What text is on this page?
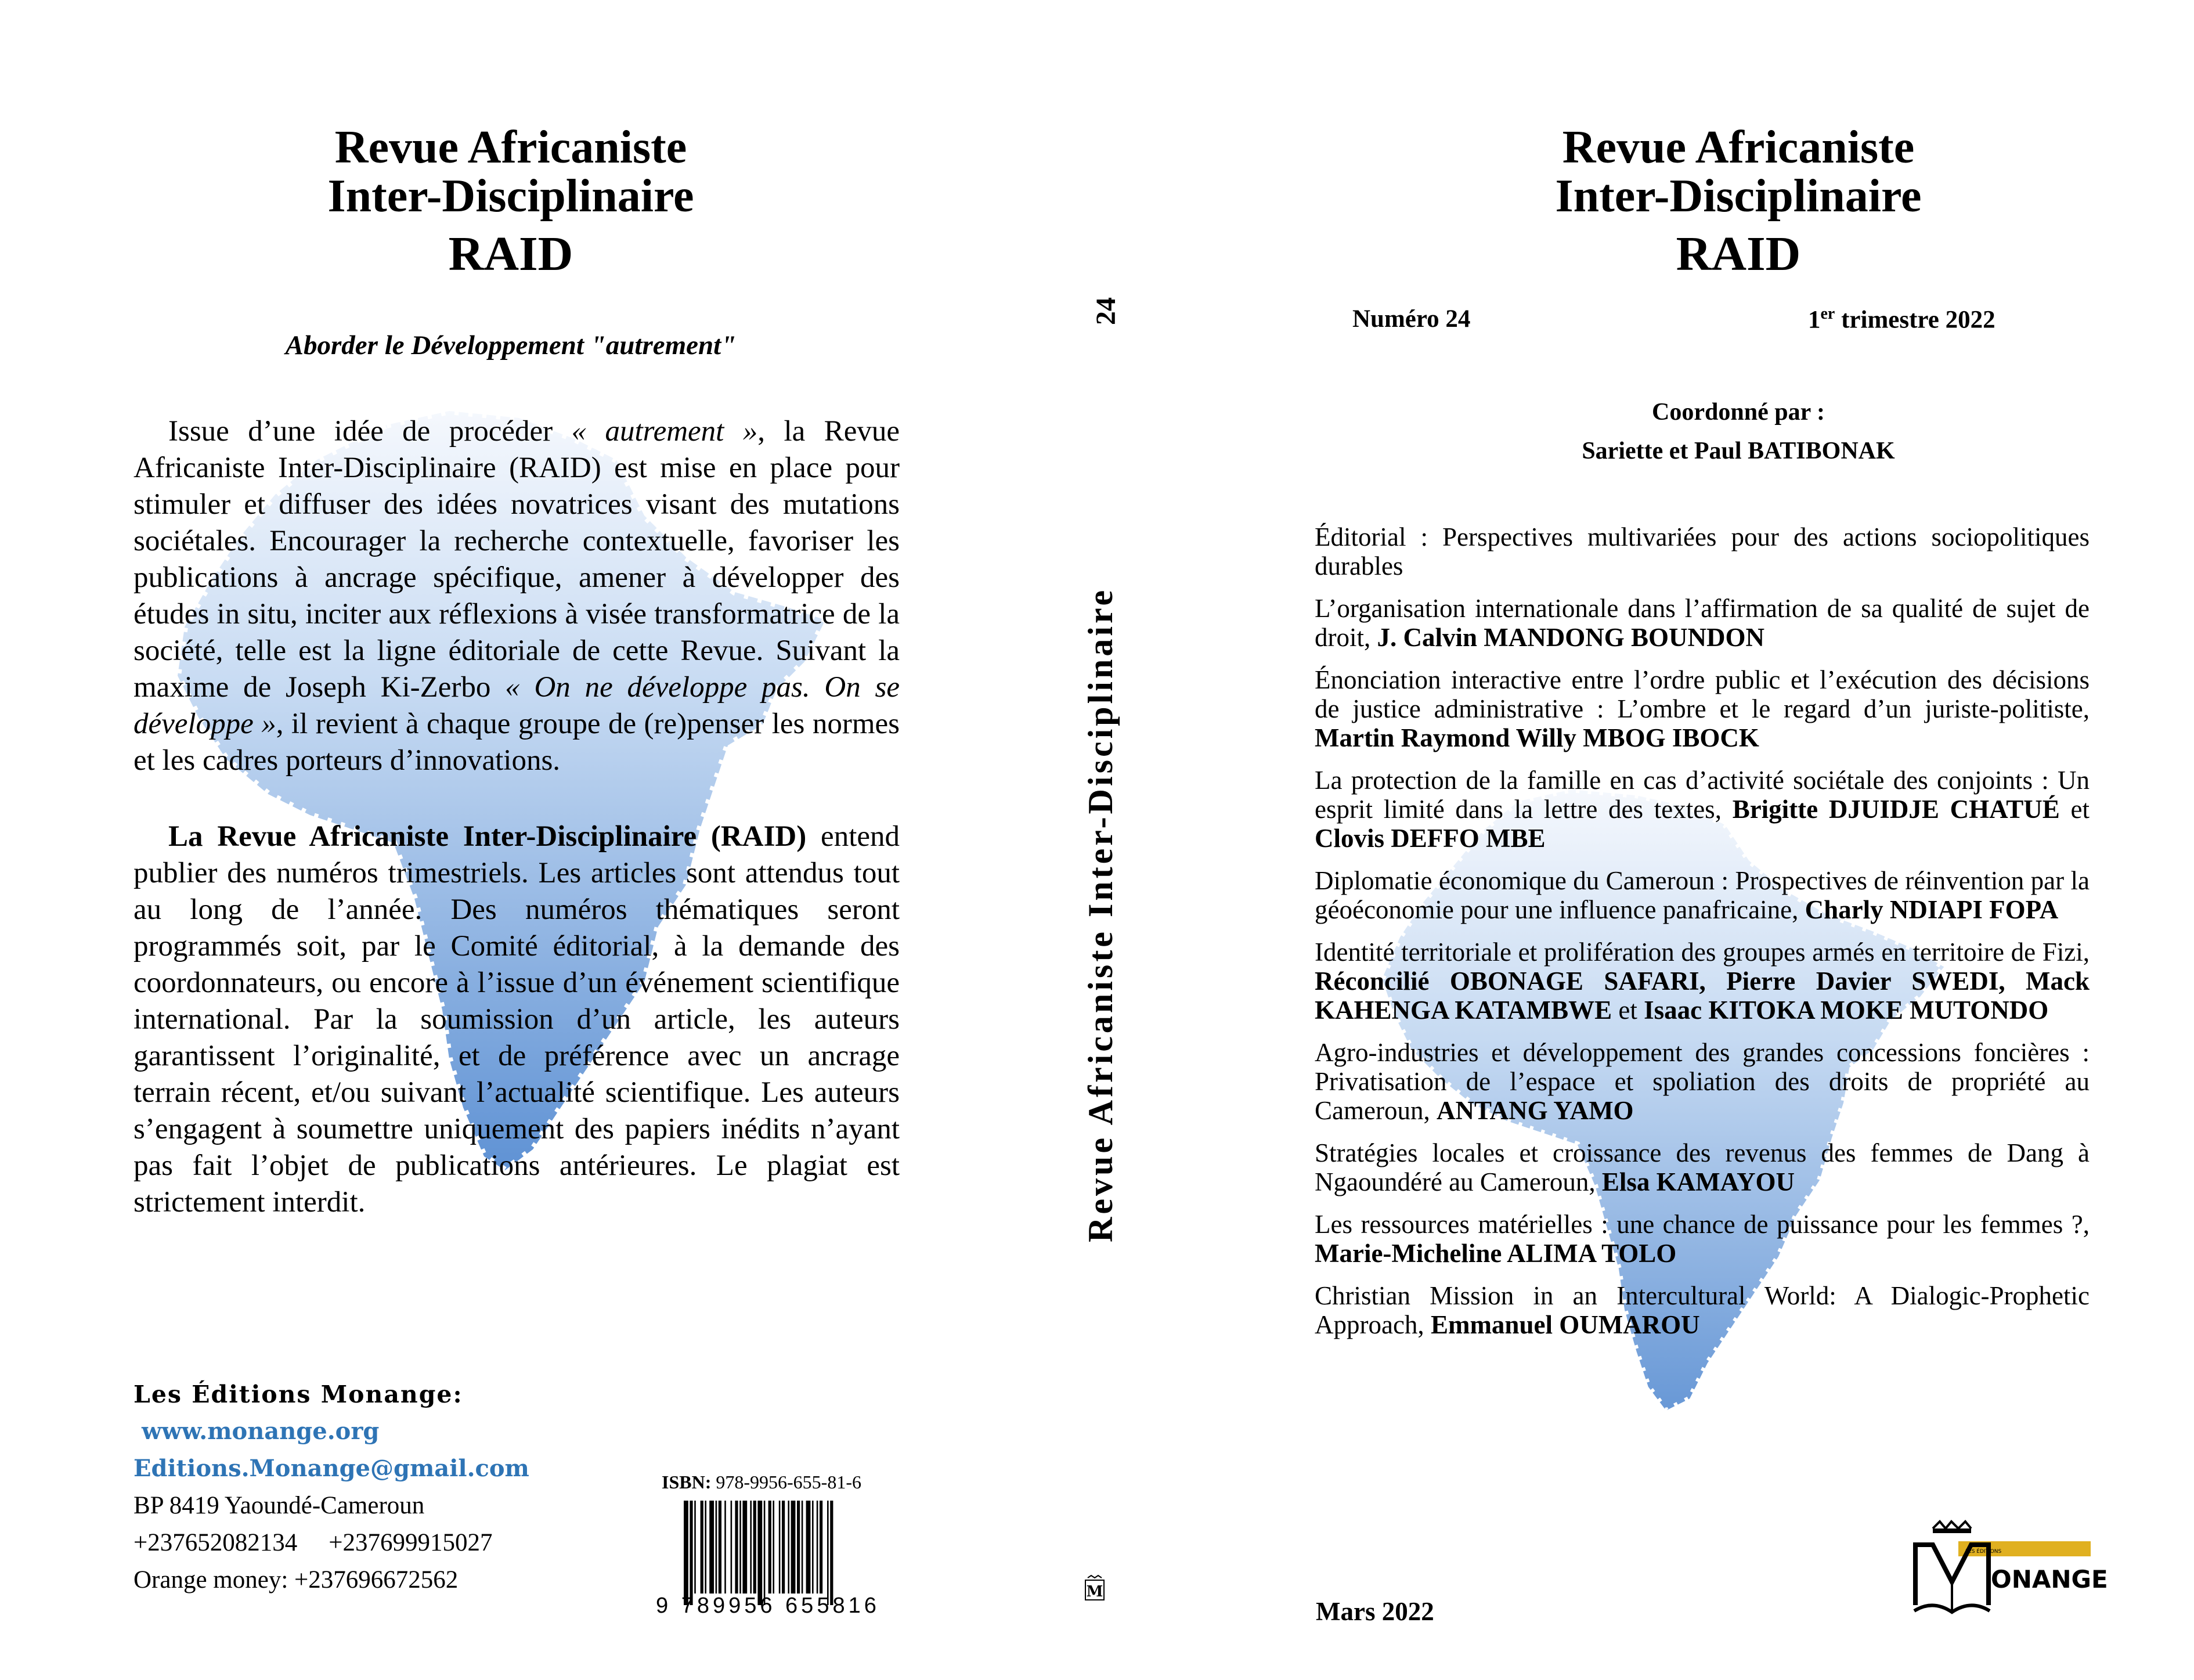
Revue Africaniste
Inter-Disciplinaire
RAID
Aborder le Développement "autrement"

Issue d’une idée de procéder « autrement », la Revue Africaniste Inter-Disciplinaire (RAID) est mise en place pour stimuler et diffuser des idées novatrices visant des mutations sociétales. Encourager la recherche contextuelle, favoriser les publications à ancrage spécifique, amener à développer des études in situ, inciter aux réflexions à visée transformatrice de la société, telle est la ligne éditoriale de cette Revue. Suivant la maxime de Joseph Ki-Zerbo « On ne développe pas. On se développe », il revient à chaque groupe de (re)penser les normes et les cadres porteurs d’innovations.

La Revue Africaniste Inter-Disciplinaire (RAID) entend publier des numéros trimestriels. Les articles sont attendus tout au long de l’année. Des numéros thématiques seront programmés soit, par le Comité éditorial, à la demande des coordonnateurs, ou encore à l’issue d’un événement scientifique international. Par la soumission d’un article, les auteurs garantissent l’originalité, et de préférence avec un ancrage terrain récent, et/ou suivant l’actualité scientifique. Les auteurs s’engagent à soumettre uniquement des papiers inédits n’ayant pas fait l’objet de publications antérieures. Le plagiat est strictement interdit.

Les Éditions Monange:
www.monange.org
Editions.Monange@gmail.com
BP 8419 Yaoundé-Cameroun
+237652082134 +237699915027
Orange money: +237696672562
ISBN: 978-9956-655-81-6
9 789956 655816
24
Revue Africaniste Inter-Disciplinaire
M
Revue Africaniste
Inter-Disciplinaire
RAID
Numéro 24	1er trimestre 2022
Coordonné par :
Sariette et Paul BATIBONAK
Éditorial : Perspectives multivariées pour des actions sociopolitiques durables
L’organisation internationale dans l’affirmation de sa qualité de sujet de droit, J. Calvin MANDONG BOUNDON
Énonciation interactive entre l’ordre public et l’exécution des décisions de justice administrative : L’ombre et le regard d’un juriste-politiste, Martin Raymond Willy MBOG IBOCK
La protection de la famille en cas d’activité sociétale des conjoints : Un esprit limité dans la lettre des textes, Brigitte DJUIDJE CHATUÉ et Clovis DEFFO MBE
Diplomatie économique du Cameroun : Prospectives de réinvention par la géoéconomie pour une influence panafricaine, Charly NDIAPI FOPA
Identité territoriale et prolifération des groupes armés en territoire de Fizi, Réconcilié OBONAGE SAFARI, Pierre Davier SWEDI, Mack KAHENGA KATAMBWE et Isaac KITOKA MOKE MUTONDO
Agro-industries et développement des grandes concessions foncières : Privatisation de l’espace et spoliation des droits de propriété au Cameroun, ANTANG YAMO
Stratégies locales et croissance des revenus des femmes de Dang à Ngaoundéré au Cameroun, Elsa KAMAYOU
Les ressources matérielles : une chance de puissance pour les femmes ?, Marie-Micheline ALIMA TOLO
Christian Mission in an Intercultural World: A Dialogic-Prophetic Approach, Emmanuel OUMAROU
Mars 2022
LES ÉDITIONS
ONANGE
